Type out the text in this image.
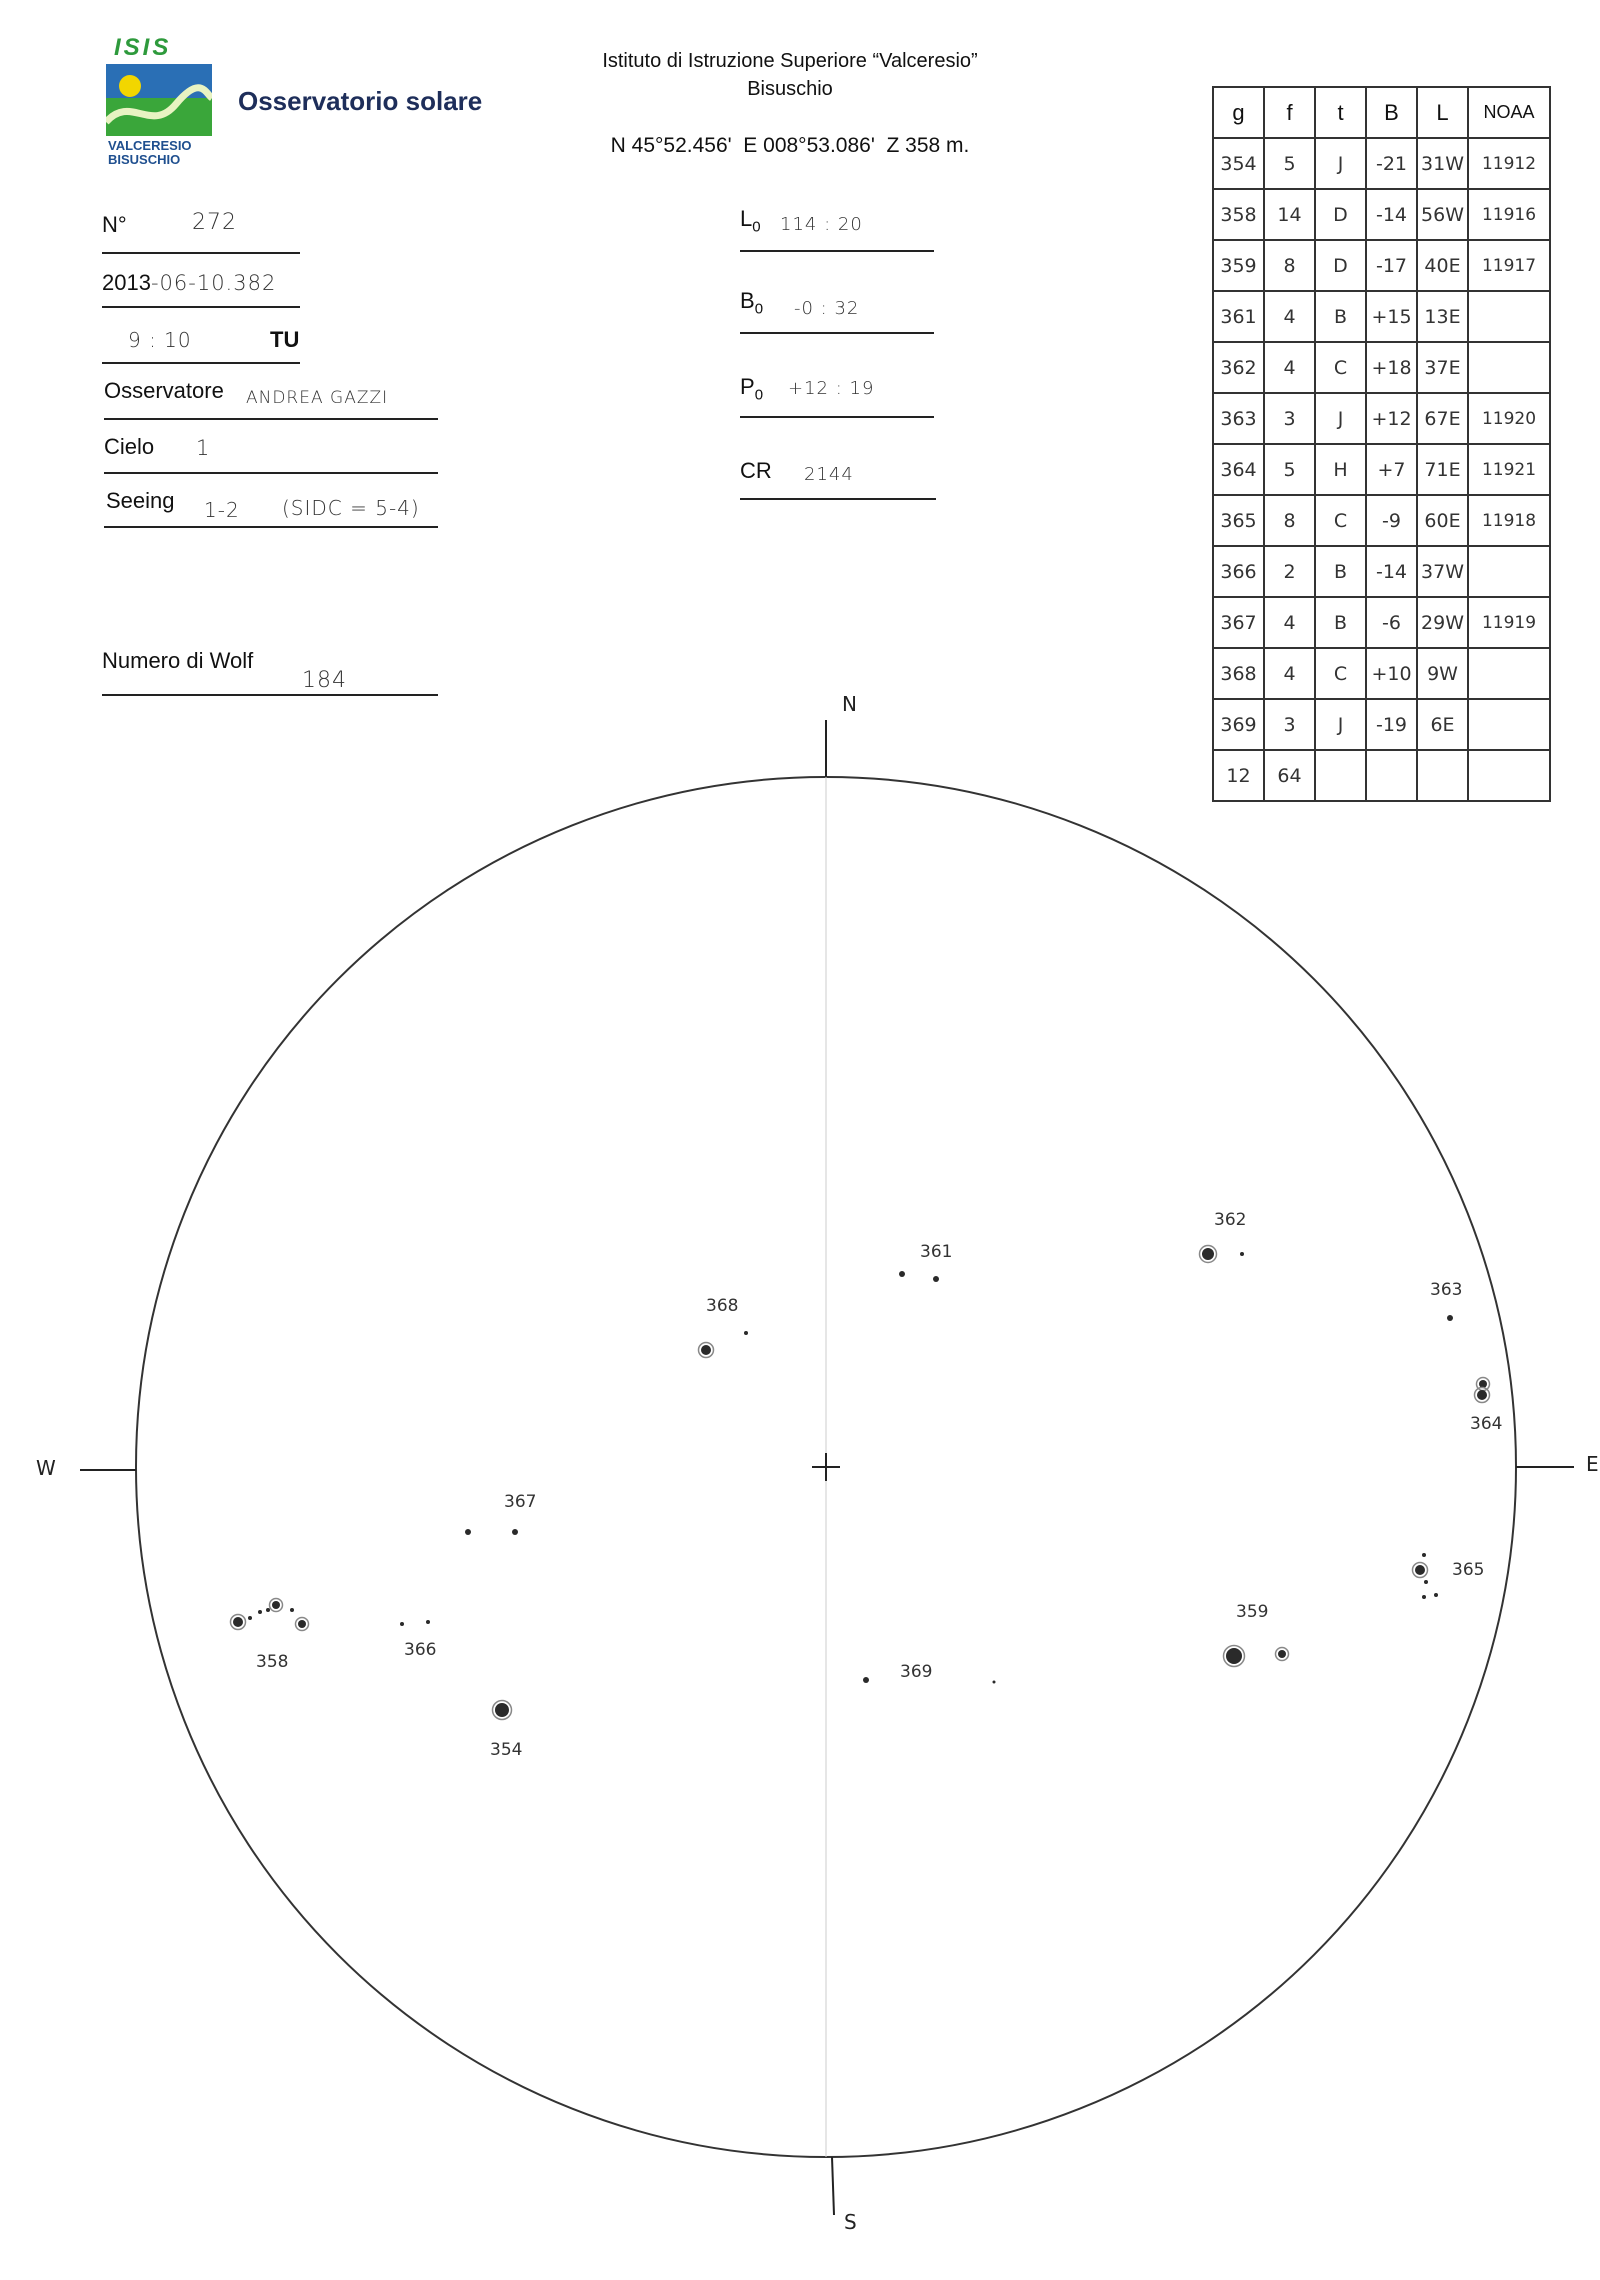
ISIS
VALCERESIO
BISUSCHIO
Osservatorio solare
Istituto di Istruzione Superiore “Valceresio”
Bisuschio
N 45°52.456'  E 008°53.086'  Z 358 m.
N°	272
2013-06-10.382
9 : 10	TU
Osservatore ANDREA GAZZI
Cielo 1
Seeing 1-2 (SIDC = 5-4)
Numero di Wolf
184
$L_0$ 114 : 20
$B_0$ -0 : 32
$P_0 +12$ : 19
CR 2144
g	f	t	B	L	NOAA
354	5	J	-21	31W	11912
358	14	D	-14	56W	11916
359	8	D	-17	40E	11917
361	4	B	+15	13E	
362	4	C	+18	37E	
363	3	J	+12	67E	11920
364	5	H	+7	71E	11921
365	8	C	-9	60E	11918
366	2	B	-14	37W	
367	4	B	-6	29W	11919
368	4	C	+10	9W	
369	3	J	-19	6E	
12	64				
N
S
W	E
362
361
368
363
364
367
365
358
366
359
369
354
